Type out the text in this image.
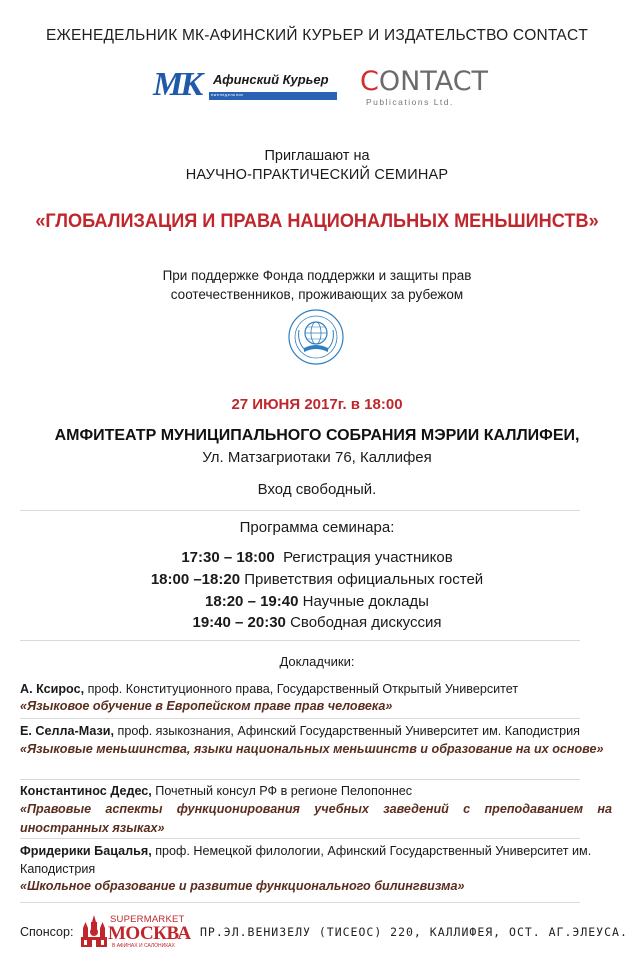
ЕЖЕНЕДЕЛЬНИК МК-АФИНСКИЙ КУРЬЕР И ИЗДАТЕЛЬСТВО CONTACT
МК Афинский Курьер
еженедельник	CONTACT
Publications Ltd.
Приглашают на
НАУЧНО-ПРАКТИЧЕСКИЙ СЕМИНАР
«ГЛОБАЛИЗАЦИЯ И ПРАВА НАЦИОНАЛЬНЫХ МЕНЬШИНСТВ»
При поддержке Фонда поддержки и защиты прав
соотечественников, проживающих за рубежом
27 ИЮНЯ 2017г. в 18:00
АМФИТЕАТР МУНИЦИПАЛЬНОГО СОБРАНИЯ МЭРИИ КАЛЛИФЕИ,
Ул. Матзагриотаки 76, Каллифея
Вход свободный.
Программа семинара:
17:30 – 18:00 Регистрация участников
18:00 –18:20 Приветствия официальных гостей
18:20 – 19:40 Научные доклады
19:40 – 20:30 Свободная дискуссия
Докладчики:
А. Ксирос, проф. Конституционного права, Государственный Открытый Университет
«Языковое обучение в Европейском праве прав человека»
Е. Селла-Мази, проф. языкознания, Афинский Государственный Университет им. Каподистрия
«Языковые меньшинства, языки национальных меньшинств и образование на их основе»
Константинос Дедес, Почетный консул РФ в регионе Пелопоннес
«Правовые аспекты функционирования учебных заведений с преподаванием на иностранных языках»
Фридерики Бацалья, проф. Немецкой филологии, Афинский Государственный Университет им. Каподистрия
«Школьное образование и развитие функционального билингвизма»
Спонсор:
SUPERMARKET
МОСКВА
В АФИНАХ И САЛОНИКАХ
ПР.ЭЛ.ВЕНИЗЕЛУ (ТИСЕОС) 220, КАЛЛИФЕЯ, ОСТ. АГ.ЭЛЕУСА.
